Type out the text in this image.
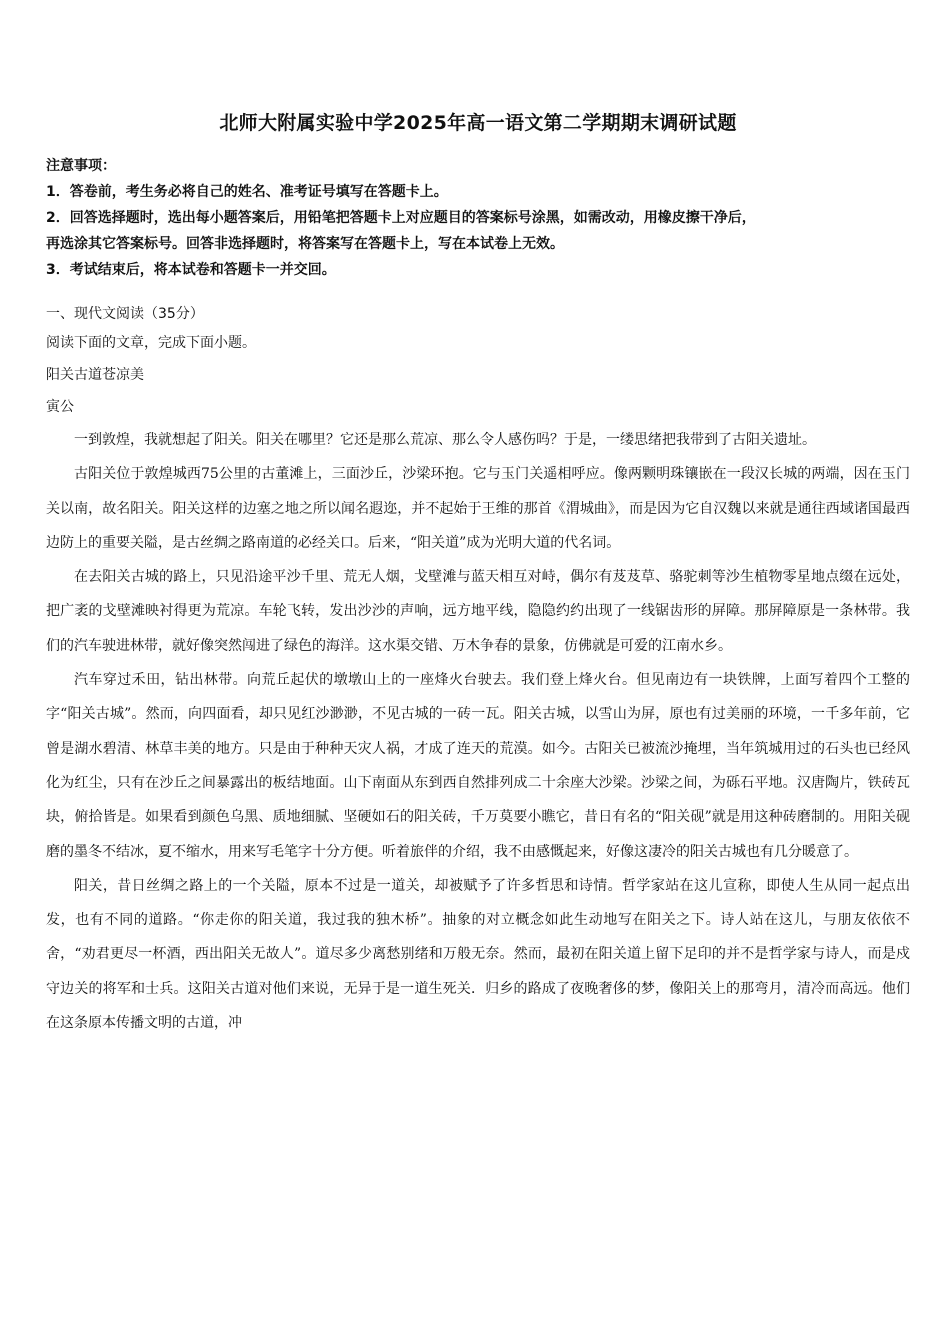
北师大附属实验中学2025年高一语文第二学期期末调研试题
注意事项：
1．答卷前，考生务必将自己的姓名、准考证号填写在答题卡上。
2．回答选择题时，选出每小题答案后，用铅笔把答题卡上对应题目的答案标号涂黑，如需改动，用橡皮擦干净后，
再选涂其它答案标号。回答非选择题时，将答案写在答题卡上，写在本试卷上无效。
3．考试结束后，将本试卷和答题卡一并交回。
一、现代文阅读（35分）
阅读下面的文章，完成下面小题。
阳关古道苍凉美
寅公

一到敦煌，我就想起了阳关。阳关在哪里？它还是那么荒凉、那么令人感伤吗？于是，一缕思绪把我带到了古阳关遗址。

古阳关位于敦煌城西75公里的古董滩上，三面沙丘，沙梁环抱。它与玉门关遥相呼应。像两颗明珠镶嵌在一段汉长城的两端，因在玉门关以南，故名阳关。阳关这样的边塞之地之所以闻名遐迩，并不起始于王维的那首《渭城曲》，而是因为它自汉魏以来就是通往西域诸国最西边防上的重要关隘，是古丝绸之路南道的必经关口。后来，“阳关道”成为光明大道的代名词。

在去阳关古城的路上，只见沿途平沙千里、荒无人烟，戈壁滩与蓝天相互对峙，偶尔有芨芨草、骆驼刺等沙生植物零星地点缀在远处，把广袤的戈壁滩映衬得更为荒凉。车轮飞转，发出沙沙的声响，远方地平线，隐隐约约出现了一线锯齿形的屏障。那屏障原是一条林带。我们的汽车驶进林带，就好像突然闯进了绿色的海洋。这水渠交错、万木争春的景象，仿佛就是可爱的江南水乡。

汽车穿过禾田，钻出林带。向荒丘起伏的墩墩山上的一座烽火台驶去。我们登上烽火台。但见南边有一块铁牌，上面写着四个工整的字“阳关古城”。然而，向四面看，却只见红沙渺渺，不见古城的一砖一瓦。阳关古城，以雪山为屏，原也有过美丽的环境，一千多年前，它曾是湖水碧清、林草丰美的地方。只是由于种种天灾人祸，才成了连天的荒漠。如今。古阳关已被流沙掩埋，当年筑城用过的石头也已经风化为红尘，只有在沙丘之间暴露出的板结地面。山下南面从东到西自然排列成二十余座大沙梁。沙梁之间，为砾石平地。汉唐陶片，铁砖瓦块，俯拾皆是。如果看到颜色乌黑、质地细腻、坚硬如石的阳关砖，千万莫要小瞧它，昔日有名的“阳关砚”就是用这种砖磨制的。用阳关砚磨的墨冬不结冰，夏不缩水，用来写毛笔字十分方便。听着旅伴的介绍，我不由感慨起来，好像这凄冷的阳关古城也有几分暖意了。

阳关，昔日丝绸之路上的一个关隘，原本不过是一道关，却被赋予了许多哲思和诗情。哲学家站在这儿宣称，即使人生从同一起点出发，也有不同的道路。“你走你的阳关道，我过我的独木桥”。抽象的对立概念如此生动地写在阳关之下。诗人站在这儿，与朋友依依不舍，“劝君更尽一杯酒，西出阳关无故人”。道尽多少离愁别绪和万般无奈。然而，最初在阳关道上留下足印的并不是哲学家与诗人，而是戍守边关的将军和士兵。这阳关古道对他们来说，无异于是一道生死关．归乡的路成了夜晚奢侈的梦，像阳关上的那弯月，清冷而高远。他们在这条原本传播文明的古道，冲
